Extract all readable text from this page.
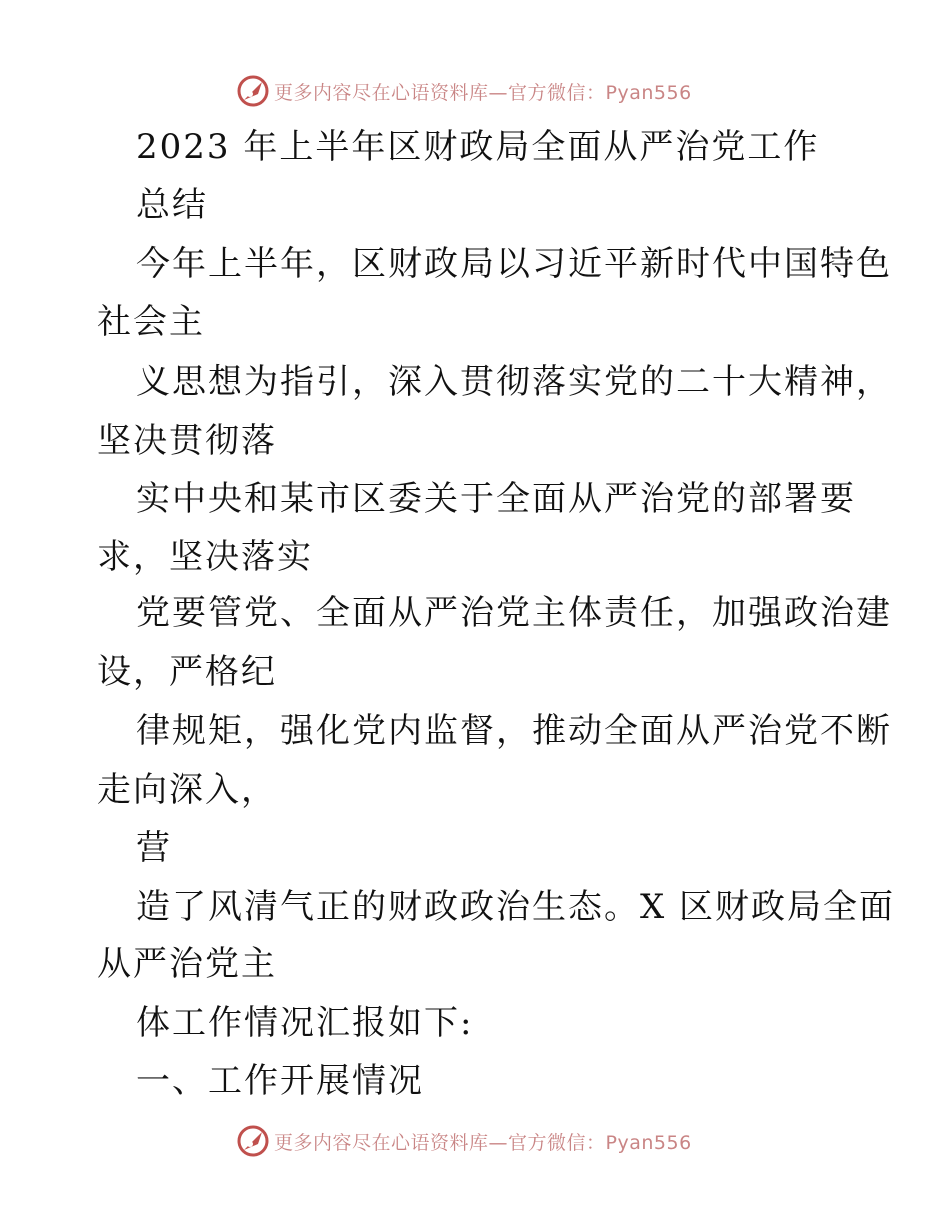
更多内容尽在心语资料库—官方微信：Pyan556
2023 年上半年区财政局全面从严治党工作
总结
今年上半年，区财政局以习近平新时代中国特色
社会主
义思想为指引，深入贯彻落实党的二十大精神，
坚决贯彻落
实中央和某市区委关于全面从严治党的部署要
求，坚决落实
党要管党、全面从严治党主体责任，加强政治建
设，严格纪
律规矩，强化党内监督，推动全面从严治党不断
走向深入，
营
造了风清气正的财政政治生态。X 区财政局全面
从严治党主
体工作情况汇报如下:
一、工作开展情况
更多内容尽在心语资料库—官方微信：Pyan556
